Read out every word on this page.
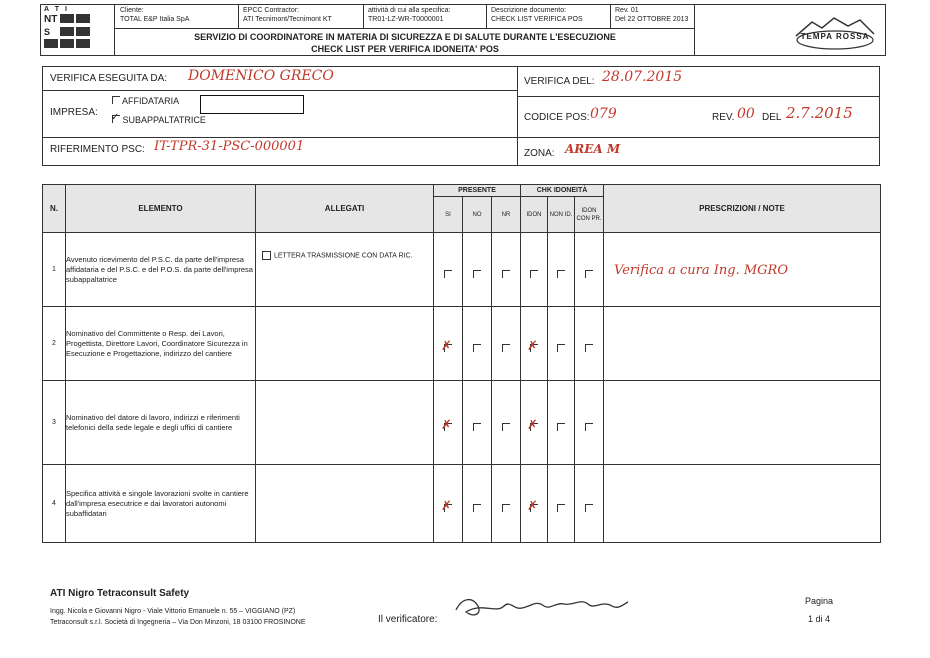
A T I
NT
S
Cliente:
TOTAL E&P Italia SpA
EPCC Contractor:
ATI Tecnimont/Tecnimont KT
attività di cui alla specifica:
TR01-LZ-WR-T0000001
Descrizione documento:
CHECK LIST VERIFICA POS
Rev. 01
Del 22 OTTOBRE 2013
SERVIZIO DI COORDINATORE IN MATERIA DI SICUREZZA E DI SALUTE DURANTE L'ESECUZIONE
CHECK LIST PER VERIFICA IDONEITA' POS
TEMPA ROSSA
VERIFICA ESEGUITA DA: DOMENICO GRECO
IMPRESA:
AFFIDATARIA
✓ SUBAPPALTATRICE
RIFERIMENTO PSC: IT-TPR-31-PSC-000001
VERIFICA DEL: 28.07.2015
CODICE POS: 079	REV. 00 DEL 2.7.2015
ZONA: AREA M
N.	ELEMENTO	ALLEGATI	PRESENTE			CHK IDONEITÀ			PRESCRIZIONI / NOTE
			SI	NO	NR	IDON	NON ID.	IDON CON PR.	
1	Avvenuto ricevimento del P.S.C. da parte dell'impresa affidataria e del P.S.C. e del P.O.S. da parte dell'impresa subappaltatrice	LETTERA TRASMISSIONE CON DATA RIC.							Verifica a cura Ing. MGRO
2	Nominativo del Committente o Resp. dei Lavori, Progettista, Direttore Lavori, Coordinatore Sicurezza in Esecuzione e Progettazione, indirizzo del cantiere		✗			✗			

3	Nominativo del datore di lavoro, indirizzi e riferimenti telefonici della sede legale e degli uffici di cantiere		✗			✗			

4	Specifica attività e singole lavorazioni svolte in cantiere dall'impresa esecutrice e dai lavoratori autonomi subaffidatari		✗			✗			

ATI Nigro Tetraconsult Safety
Ingg. Nicola e Giovanni Nigro - Viale Vittorio Emanuele n. 55 – VIGGIANO (PZ)
Tetraconsult s.r.l. Società di Ingegneria – Via Don Minzoni, 18 03100 FROSINONE	Il verificatore:
Pagina
1 di 4
